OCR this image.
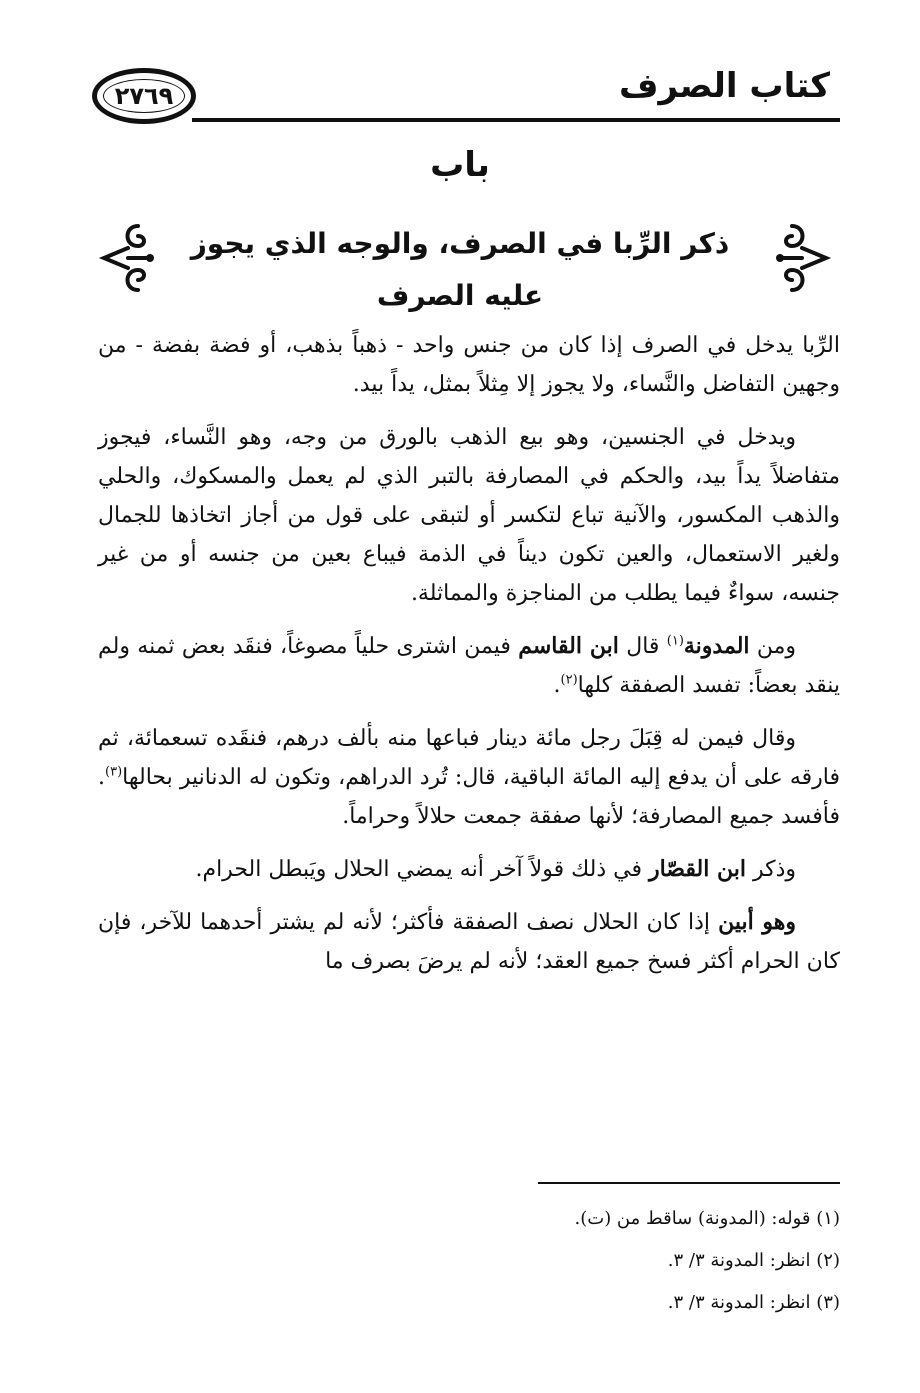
كتاب الصرف
٢٧٦٩
باب
ذكر الرِّبا في الصرف، والوجه الذي يجوز عليه الصرف

الرِّبا يدخل في الصرف إذا كان من جنس واحد - ذهباً بذهب، أو فضة بفضة - من وجهين التفاضل والنَّساء، ولا يجوز إلا مِثلاً بمثل، يداً بيد.

ويدخل في الجنسين، وهو بيع الذهب بالورق من وجه، وهو النَّساء، فيجوز متفاضلاً يداً بيد، والحكم في المصارفة بالتبر الذي لم يعمل والمسكوك، والحلي والذهب المكسور، والآنية تباع لتكسر أو لتبقى على قول من أجاز اتخاذها للجمال ولغير الاستعمال، والعين تكون ديناً في الذمة فيباع بعين من جنسه أو من غير جنسه، سواءٌ فيما يطلب من المناجزة والمماثلة.

ومن المدونة$^{(١)}$ قال ابن القاسم فيمن اشترى حلياً مصوغاً، فنقَد بعض ثمنه ولم ينقد بعضاً: تفسد الصفقة كلها$^{(٢)}$.

وقال فيمن له قِبَلَ رجل مائة دينار فباعها منه بألف درهم، فنقَده تسعمائة، ثم فارقه على أن يدفع إليه المائة الباقية، قال: تُرد الدراهم، وتكون له الدنانير بحالها$^{(٣)}$. فأفسد جميع المصارفة؛ لأنها صفقة جمعت حلالاً وحراماً.

وذكر ابن القصّار في ذلك قولاً آخر أنه يمضي الحلال ويَبطل الحرام.

وهو أبين إذا كان الحلال نصف الصفقة فأكثر؛ لأنه لم يشتر أحدهما للآخر، فإن كان الحرام أكثر فسخ جميع العقد؛ لأنه لم يرضَ بصرف ما

(١) قوله: (المدونة) ساقط من (ت).
(٢) انظر: المدونة ٣/ ٣.
(٣) انظر: المدونة ٣/ ٣.
